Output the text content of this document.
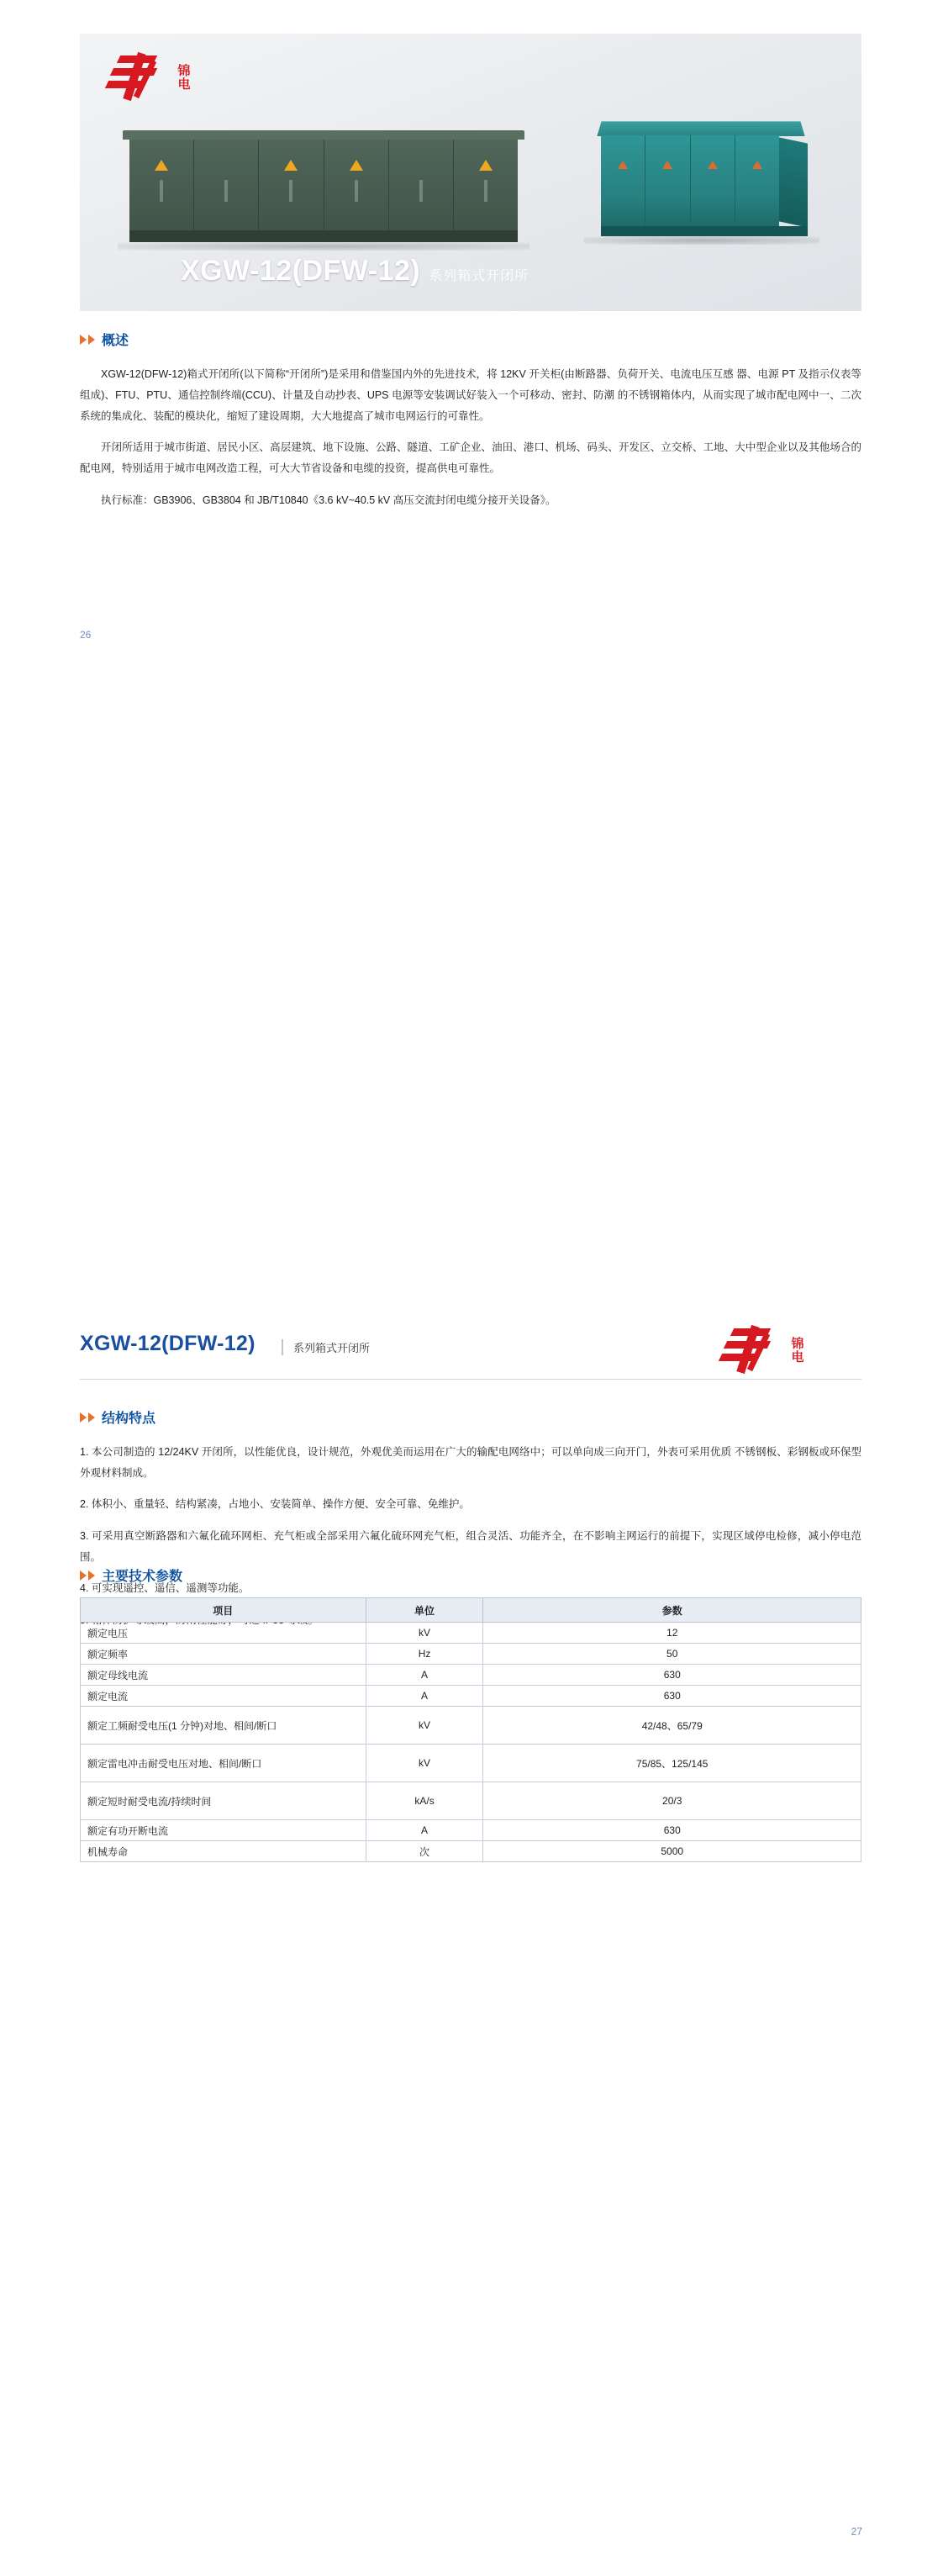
锦
电
XGW-12(DFW-12) 系列箱式开闭所
概述

XGW-12(DFW-12)箱式开闭所(以下简称“开闭所”)是采用和借鉴国内外的先进技术，将 12KV 开关柜(由断路器、负荷开关、电流电压互感 器、电源 PT 及指示仪表等组成)、FTU、PTU、通信控制终端(CCU)、计量及自动抄表、UPS 电源等安装调试好装入一个可移动、密封、防潮 的不锈钢箱体内，从而实现了城市配电网中一、二次系统的集成化、装配的模块化，缩短了建设周期，大大地提高了城市电网运行的可靠性。

开闭所适用于城市街道、居民小区、高层建筑、地下设施、公路、隧道、工矿企业、油田、港口、机场、码头、开发区、立交桥、工地、大中型企业以及其他场合的配电网，特别适用于城市电网改造工程，可大大节省设备和电缆的投资，提高供电可靠性。

执行标准：GB3906、GB3804 和 JB/T10840《3.6 kV~40.5 kV 高压交流封闭电缆分接开关设备》。

26
XGW-12(DFW-12)	系列箱式开闭所
	锦
电
结构特点

1. 本公司制造的 12/24KV 开闭所，以性能优良，设计规范，外观优美而运用在广大的输配电网络中；可以单向成三向开门，外表可采用优质 不锈钢板、彩钢板或环保型外观材料制成。

2. 体积小、重量轻、结构紧凑，占地小、安装简单、操作方便、安全可靠、免维护。

3. 可采用真空断路器和六氟化硫环网柜、充气柜或全部采用六氟化硫环网充气柜，组合灵活、功能齐全，在不影响主网运行的前提下，实现区域停电检修，减小停电范围。

4. 可实现遥控、遥信、遥测等功能。

主要技术参数
项目	单位	参数
额定电压	kV	12
额定频率	Hz	50
额定母线电流	A	630
额定电流	A	630
额定工频耐受电压(1 分钟)对地、相间/断口	kV	42/48、65/79
额定雷电冲击耐受电压对地、相间/断口	kV	75/85、125/145
额定短时耐受电流/持续时间	kA/s	20/3
额定有功开断电流	A	630
机械寿命	次	5000
27
